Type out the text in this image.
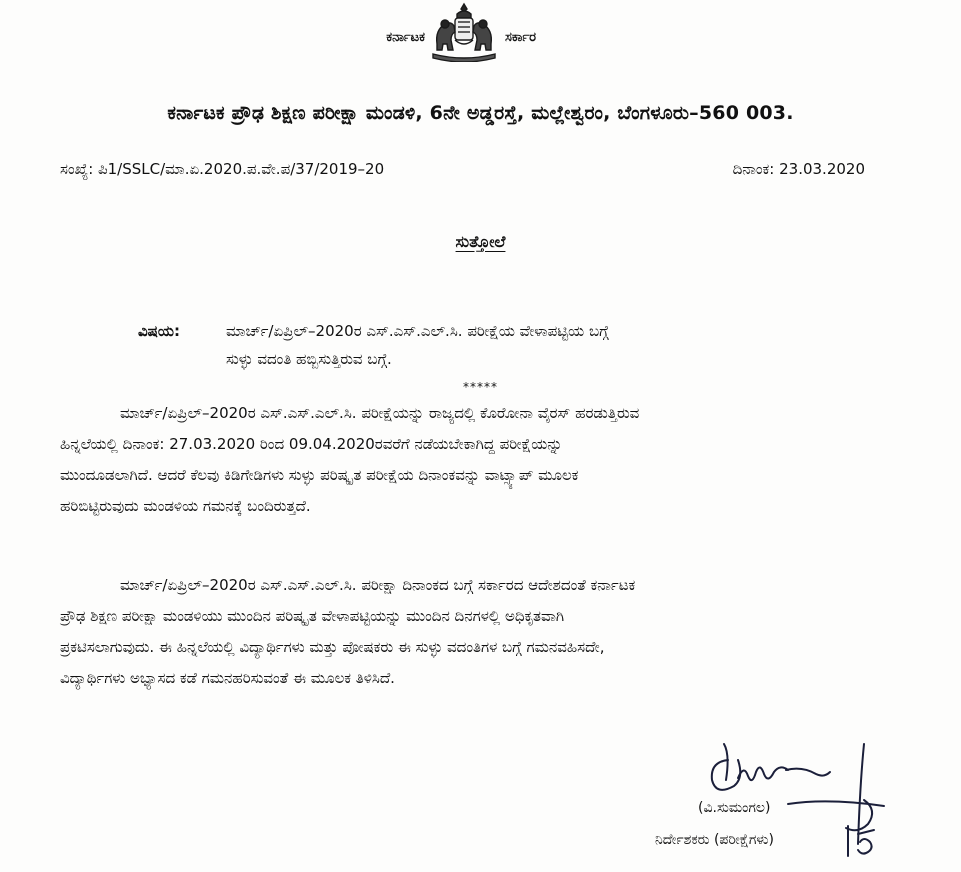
ಕರ್ನಾಟಕ	ಸರ್ಕಾರ
ಕರ್ನಾಟಕ ಪ್ರೌಢ ಶಿಕ್ಷಣ ಪರೀಕ್ಷಾ ಮಂಡಳಿ, 6ನೇ ಅಡ್ಡರಸ್ತೆ, ಮಲ್ಲೇಶ್ವರಂ, ಬೆಂಗಳೂರು–560 003.
ಸಂಖ್ಯೆ: ಪಿ1/SSLC/ಮಾ.ಏ.2020.ಪ.ವೇ.ಪ/37/2019–20	ದಿನಾಂಕ: 23.03.2020
ಸುತ್ತೋಲೆ
ವಿಷಯ:	ಮಾರ್ಚ್/ಏಪ್ರಿಲ್–2020ರ ಎಸ್.ಎಸ್.ಎಲ್.ಸಿ. ಪರೀಕ್ಷೆಯ ವೇಳಾಪಟ್ಟಿಯ ಬಗ್ಗೆ
ಸುಳ್ಳು ವದಂತಿ ಹಬ್ಬಿಸುತ್ತಿರುವ ಬಗ್ಗೆ.
*****
ಮಾರ್ಚ್/ಏಪ್ರಿಲ್–2020ರ ಎಸ್.ಎಸ್.ಎಲ್.ಸಿ. ಪರೀಕ್ಷೆಯನ್ನು ರಾಜ್ಯದಲ್ಲಿ ಕೊರೋನಾ ವೈರಸ್ ಹರಡುತ್ತಿರುವ
ಹಿನ್ನಲೆಯಲ್ಲಿ ದಿನಾಂಕ: 27.03.2020 ರಿಂದ 09.04.2020ರವರೆಗೆ ನಡೆಯಬೇಕಾಗಿದ್ದ ಪರೀಕ್ಷೆಯನ್ನು
ಮುಂದೂಡಲಾಗಿದೆ. ಆದರೆ ಕೆಲವು ಕಿಡಿಗೇಡಿಗಳು ಸುಳ್ಳು ಪರಿಷ್ಕೃತ ಪರೀಕ್ಷೆಯ ದಿನಾಂಕವನ್ನು ವಾಟ್ಸ್ಯಾಪ್ ಮೂಲಕ
ಹರಿಬಿಟ್ಟಿರುವುದು ಮಂಡಳಿಯ ಗಮನಕ್ಕೆ ಬಂದಿರುತ್ತದೆ.
ಮಾರ್ಚ್/ಏಪ್ರಿಲ್–2020ರ ಎಸ್.ಎಸ್.ಎಲ್.ಸಿ. ಪರೀಕ್ಷಾ ದಿನಾಂಕದ ಬಗ್ಗೆ ಸರ್ಕಾರದ ಆದೇಶದಂತೆ ಕರ್ನಾಟಕ
ಪ್ರೌಢ ಶಿಕ್ಷಣ ಪರೀಕ್ಷಾ ಮಂಡಳಿಯು ಮುಂದಿನ ಪರಿಷ್ಕೃತ ವೇಳಾಪಟ್ಟಿಯನ್ನು ಮುಂದಿನ ದಿನಗಳಲ್ಲಿ ಅಧಿಕೃತವಾಗಿ
ಪ್ರಕಟಿಸಲಾಗುವುದು. ಈ ಹಿನ್ನಲೆಯಲ್ಲಿ ವಿದ್ಯಾರ್ಥಿಗಳು ಮತ್ತು ಪೋಷಕರು ಈ ಸುಳ್ಳು ವದಂತಿಗಳ ಬಗ್ಗೆ ಗಮನವಹಿಸದೇ,
ವಿದ್ಯಾರ್ಥಿಗಳು ಅಭ್ಯಾಸದ ಕಡೆ ಗಮನಹರಿಸುವಂತೆ ಈ ಮೂಲಕ ತಿಳಿಸಿದೆ.
(ವಿ.ಸುಮಂಗಲ)
ನಿರ್ದೇಶಕರು (ಪರೀಕ್ಷೆಗಳು)
